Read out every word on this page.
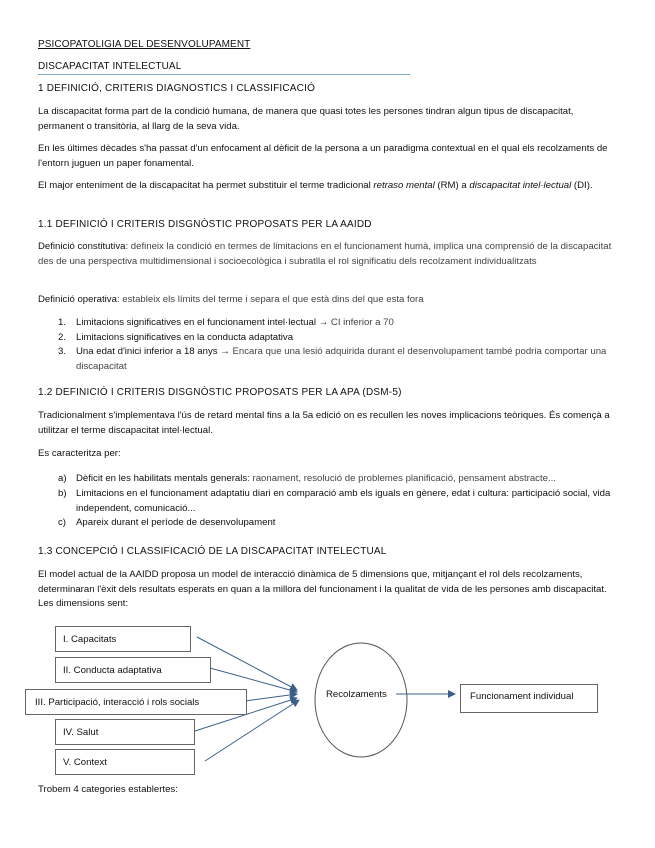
PSICOPATOLIGIA DEL DESENVOLUPAMENT
DISCAPACITAT INTELECTUAL
1 DEFINICIÓ, CRITERIS DIAGNOSTICS I CLASSIFICACIÓ
La discapacitat forma part de la condició humana, de manera que quasi totes les persones tindran algun tipus de discapacitat, permanent o transitòria, al llarg de la seva vida.
En les últimes dècades s'ha passat d'un enfocament al dèficit de la persona a un paradigma contextual en el qual els recolzaments de l'entorn juguen un paper fonamental.
El major enteniment de la discapacitat ha permet substituir el terme tradicional retraso mental (RM) a discapacitat intel·lectual (DI).
1.1 DEFINICIÓ I CRITERIS DISGNÒSTIC PROPOSATS PER LA AAIDD
Definició constitutiva: defineix la condició en termes de limitacions en el funcionament humà, implica una comprensió de la discapacitat des de una perspectiva multidimensional i socioecològica i subratlla el rol significatiu dels recolzament individualitzats
Definició operativa: estableix els límits del terme i separa el que està dins del que esta fora
1.	Limitacions significatives en el funcionament intel·lectual → CI inferior a 70
2.	Limitacions significatives en la conducta adaptativa
3.	Una edat d'inici inferior a 18 anys → Encara que una lesió adquirida durant el desenvolupament també podria comportar una discapacitat
1.2 DEFINICIÓ I CRITERIS DISGNÒSTIC PROPOSATS PER LA APA (DSM-5)
Tradicionalment s'implementava l'ús de retard mental fins a la 5a edició on es recullen les noves implicacions teòriques. És començà a utilitzar el terme discapacitat intel·lectual.
Es caracteritza per:
a) Dèficit en les habilitats mentals generals: raonament, resolució de problemes planificació, pensament abstracte...
b) Limitacions en el funcionament adaptatiu diari en comparació amb els iguals en gènere, edat i cultura: participació social, vida independent, comunicació...
c)	Apareix durant el període de desenvolupament
1.3 CONCEPCIÓ I CLASSIFICACIÓ DE LA DISCAPACITAT INTELECTUAL
El model actual de la AAIDD proposa un model de interacció dinàmica de 5 dimensions que, mitjançant el rol dels recolzaments, determinaran l'èxit dels resultats esperats en quan a la millora del funcionament i la qualitat de vida de les persones amb discapacitat. Les dimensions sent:
I. Capacitats
II. Conducta adaptativa
III. Participació, interacció i rols socials
IV. Salut
V. Context
Recolzaments	Funcionament individual
Trobem 4 categories establertes:
